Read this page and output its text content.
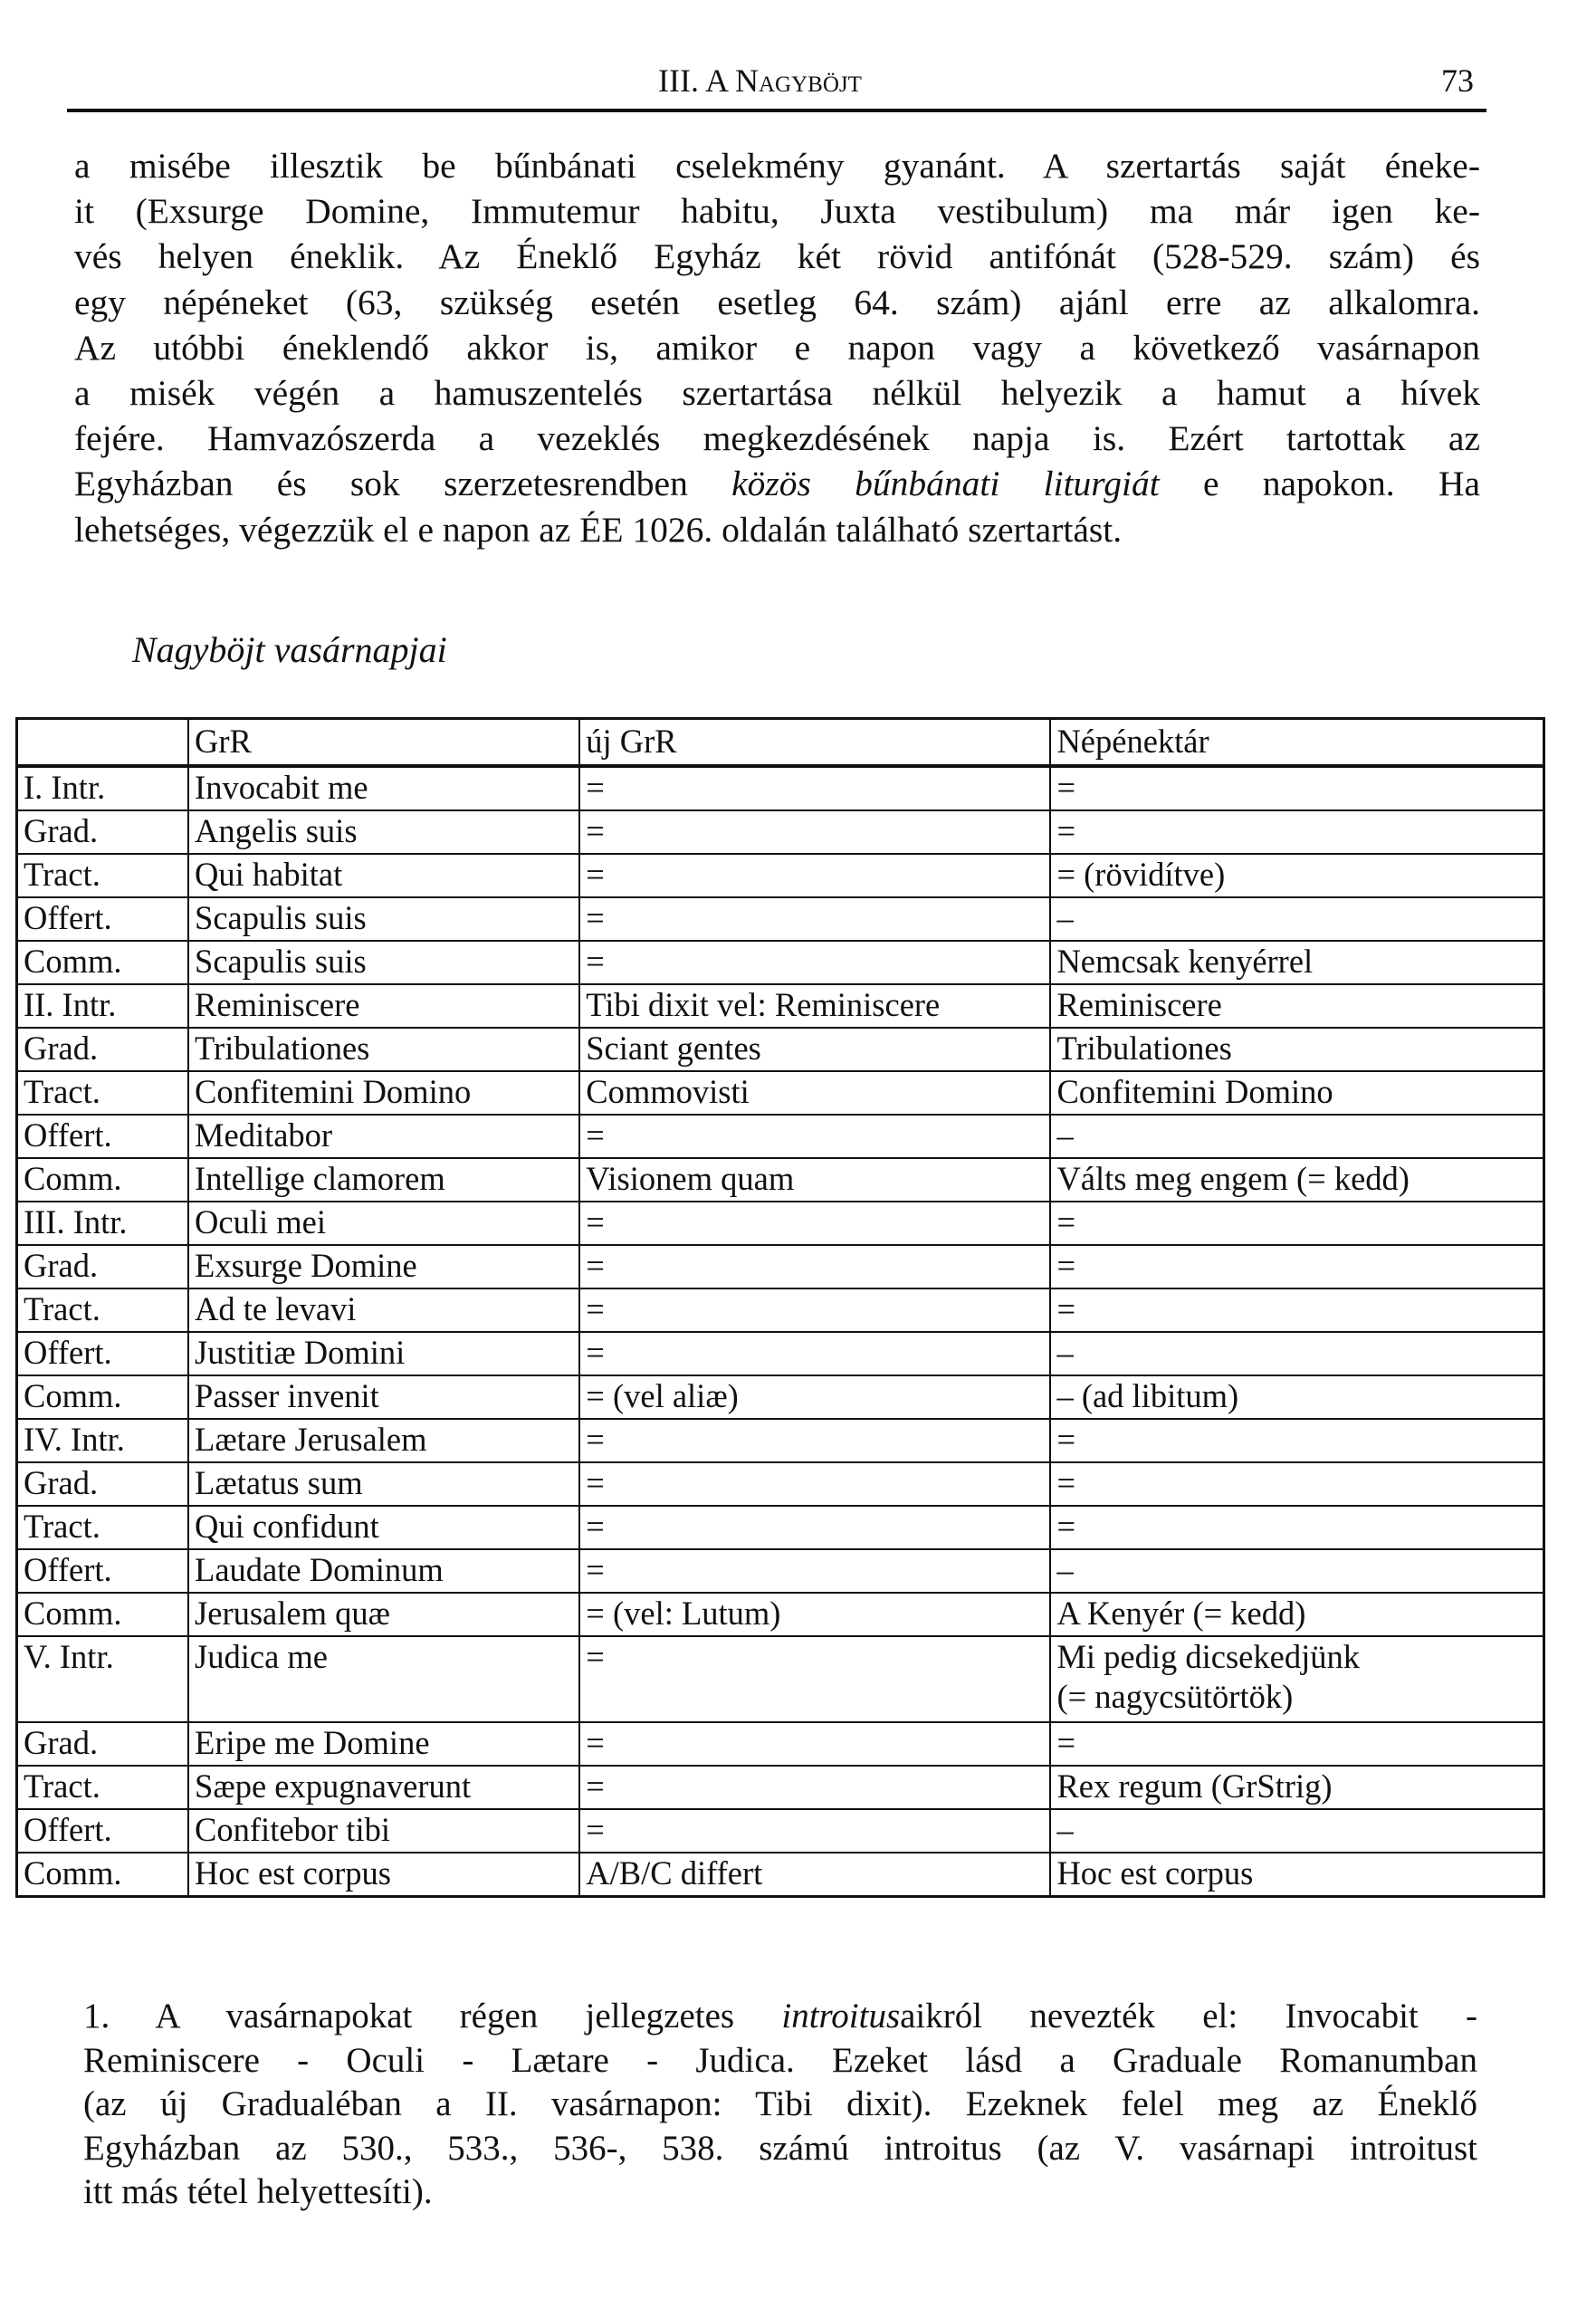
III. A Nagyböjt	73
a misébe illesztik be bűnbánati cselekmény gyanánt. A szertartás saját éneke-
it (Exsurge Domine, Immutemur habitu, Juxta vestibulum) ma már igen ke-
vés helyen éneklik. Az Éneklő Egyház két rövid antifónát (528-529. szám) és
egy népéneket (63, szükség esetén esetleg 64. szám) ajánl erre az alkalomra.
Az utóbbi éneklendő akkor is, amikor e napon vagy a következő vasárnapon
a misék végén a hamuszentelés szertartása nélkül helyezik a hamut a hívek
fejére. Hamvazószerda a vezeklés megkezdésének napja is. Ezért tartottak az
Egyházban és sok szerzetesrendben közös bűnbánati liturgiát e napokon. Ha
lehetséges, végezzük el e napon az ÉE 1026. oldalán található szertartást.
Nagyböjt vasárnapjai
	GrR	új GrR	Népénektár
I. Intr.	Invocabit me	=	=
Grad.	Angelis suis	=	=
Tract.	Qui habitat	=	= (rövidítve)
Offert.	Scapulis suis	=	–
Comm.	Scapulis suis	=	Nemcsak kenyérrel
II. Intr.	Reminiscere	Tibi dixit vel: Reminiscere	Reminiscere
Grad.	Tribulationes	Sciant gentes	Tribulationes
Tract.	Confitemini Domino	Commovisti	Confitemini Domino
Offert.	Meditabor	=	–
Comm.	Intellige clamorem	Visionem quam	Válts meg engem (= kedd)
III. Intr.	Oculi mei	=	=
Grad.	Exsurge Domine	=	=
Tract.	Ad te levavi	=	=
Offert.	Justitiæ Domini	=	–
Comm.	Passer invenit	= (vel aliæ)	– (ad libitum)
IV. Intr.	Lætare Jerusalem	=	=
Grad.	Lætatus sum	=	=
Tract.	Qui confidunt	=	=
Offert.	Laudate Dominum	=	–
Comm.	Jerusalem quæ	= (vel: Lutum)	A Kenyér (= kedd)
V. Intr.	Judica me	=	Mi pedig dicsekedjünk
(= nagycsütörtök)

Grad.	Eripe me Domine	=	=
Tract.	Sæpe expugnaverunt	=	Rex regum (GrStrig)
Offert.	Confitebor tibi	=	–
Comm.	Hoc est corpus	A/B/C differt	Hoc est corpus
1. A vasárnapokat régen jellegzetes introitusaikról nevezték el: Invocabit -
Reminiscere - Oculi - Lætare - Judica. Ezeket lásd a Graduale Romanumban
(az új Gradualéban a II. vasárnapon: Tibi dixit). Ezeknek felel meg az Éneklő
Egyházban az 530., 533., 536-, 538. számú introitus (az V. vasárnapi introitust
itt más tétel helyettesíti).
